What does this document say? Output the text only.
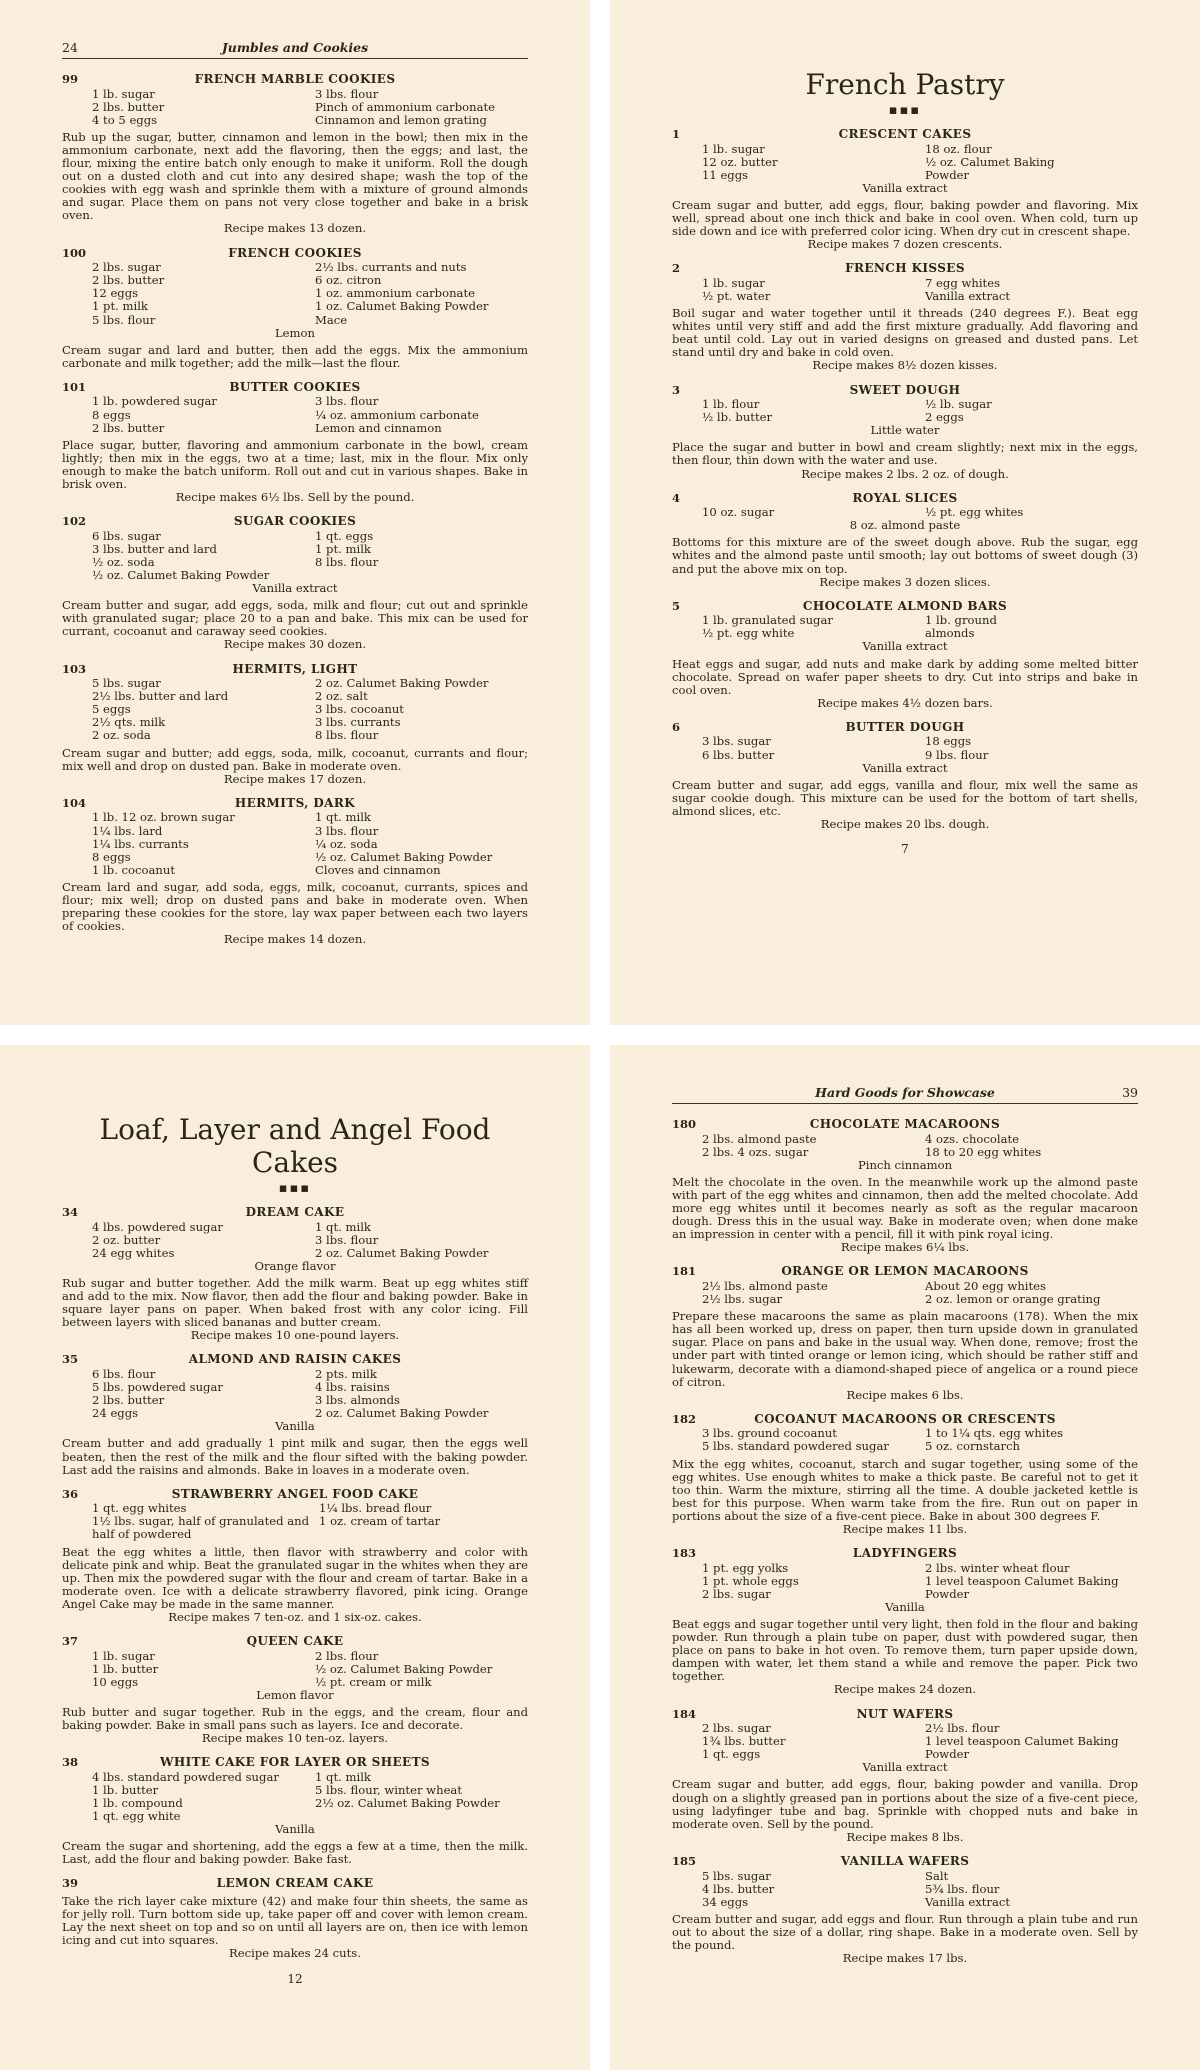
24	Jumbles and Cookies
99	FRENCH MARBLE COOKIES
1 lb. sugar	3 lbs. flour
2 lbs. butter	Pinch of ammonium carbonate
4 to 5 eggs	Cinnamon and lemon grating
Rub up the sugar, butter, cinnamon and lemon in the bowl; then mix in the ammonium carbonate, next add the flavoring, then the eggs; and last, the flour, mixing the entire batch only enough to make it uniform. Roll the dough out on a dusted cloth and cut into any desired shape; wash the top of the cookies with egg wash and sprinkle them with a mixture of ground almonds and sugar. Place them on pans not very close together and bake in a brisk oven.
Recipe makes 13 dozen.
100	FRENCH COOKIES
2 lbs. sugar	2½ lbs. currants and nuts
2 lbs. butter	6 oz. citron
12 eggs	1 oz. ammonium carbonate
1 pt. milk	1 oz. Calumet Baking Powder
5 lbs. flour	Mace
Lemon
Cream sugar and lard and butter, then add the eggs. Mix the ammonium carbonate and milk together; add the milk—last the flour.
101	BUTTER COOKIES
1 lb. powdered sugar	3 lbs. flour
8 eggs	¼ oz. ammonium carbonate
2 lbs. butter	Lemon and cinnamon
Place sugar, butter, flavoring and ammonium carbonate in the bowl, cream lightly; then mix in the eggs, two at a time; last, mix in the flour. Mix only enough to make the batch uniform. Roll out and cut in various shapes. Bake in brisk oven.
Recipe makes 6½ lbs. Sell by the pound.
102	SUGAR COOKIES
6 lbs. sugar	1 qt. eggs
3 lbs. butter and lard	1 pt. milk
½ oz. soda	8 lbs. flour
½ oz. Calumet Baking Powder
Vanilla extract
Cream butter and sugar, add eggs, soda, milk and flour; cut out and sprinkle with granulated sugar; place 20 to a pan and bake. This mix can be used for currant, cocoanut and caraway seed cookies.
Recipe makes 30 dozen.
103	HERMITS, LIGHT
5 lbs. sugar	2 oz. Calumet Baking Powder
2½ lbs. butter and lard	2 oz. salt
5 eggs	3 lbs. cocoanut
2½ qts. milk	3 lbs. currants
2 oz. soda	8 lbs. flour
Cream sugar and butter; add eggs, soda, milk, cocoanut, currants and flour; mix well and drop on dusted pan. Bake in moderate oven.
Recipe makes 17 dozen.
104	HERMITS, DARK
1 lb. 12 oz. brown sugar	1 qt. milk
1¼ lbs. lard	3 lbs. flour
1¼ lbs. currants	¼ oz. soda
8 eggs	½ oz. Calumet Baking Powder
1 lb. cocoanut	Cloves and cinnamon
Cream lard and sugar, add soda, eggs, milk, cocoanut, currants, spices and flour; mix well; drop on dusted pans and bake in moderate oven. When preparing these cookies for the store, lay wax paper between each two layers of cookies.
Recipe makes 14 dozen.
French Pastry
▪▪▪
1	CRESCENT CAKES
1 lb. sugar	18 oz. flour
12 oz. butter	½ oz. Calumet Baking
11 eggs	Powder
Vanilla extract
Cream sugar and butter, add eggs, flour, baking powder and flavoring. Mix well, spread about one inch thick and bake in cool oven. When cold, turn up side down and ice with preferred color icing. When dry cut in crescent shape.
Recipe makes 7 dozen crescents.
2	FRENCH KISSES
1 lb. sugar	7 egg whites
½ pt. water	Vanilla extract
Boil sugar and water together until it threads (240 degrees F.). Beat egg whites until very stiff and add the first mixture gradually. Add flavoring and beat until cold. Lay out in varied designs on greased and dusted pans. Let stand until dry and bake in cold oven.
Recipe makes 8½ dozen kisses.
3	SWEET DOUGH
1 lb. flour	½ lb. sugar
½ lb. butter	2 eggs
Little water
Place the sugar and butter in bowl and cream slightly; next mix in the eggs, then flour, thin down with the water and use.
Recipe makes 2 lbs. 2 oz. of dough.
4	ROYAL SLICES
10 oz. sugar	½ pt. egg whites
8 oz. almond paste
Bottoms for this mixture are of the sweet dough above. Rub the sugar, egg whites and the almond paste until smooth; lay out bottoms of sweet dough (3) and put the above mix on top.
Recipe makes 3 dozen slices.
5	CHOCOLATE ALMOND BARS
1 lb. granulated sugar	1 lb. ground
½ pt. egg white	almonds
Vanilla extract
Heat eggs and sugar, add nuts and make dark by adding some melted bitter chocolate. Spread on wafer paper sheets to dry. Cut into strips and bake in cool oven.
Recipe makes 4½ dozen bars.
6	BUTTER DOUGH
3 lbs. sugar	18 eggs
6 lbs. butter	9 lbs. flour
Vanilla extract
Cream butter and sugar, add eggs, vanilla and flour, mix well the same as sugar cookie dough. This mixture can be used for the bottom of tart shells, almond slices, etc.
Recipe makes 20 lbs. dough.
7
Loaf, Layer and Angel Food Cakes
▪▪▪
34	DREAM CAKE
4 lbs. powdered sugar	1 qt. milk
2 oz. butter	3 lbs. flour
24 egg whites	2 oz. Calumet Baking Powder
Orange flavor
Rub sugar and butter together. Add the milk warm. Beat up egg whites stiff and add to the mix. Now flavor, then add the flour and baking powder. Bake in square layer pans on paper. When baked frost with any color icing. Fill between layers with sliced bananas and butter cream.
Recipe makes 10 one-pound layers.
35	ALMOND AND RAISIN CAKES
6 lbs. flour	2 pts. milk
5 lbs. powdered sugar	4 lbs. raisins
2 lbs. butter	3 lbs. almonds
24 eggs	2 oz. Calumet Baking Powder
Vanilla
Cream butter and add gradually 1 pint milk and sugar, then the eggs well beaten, then the rest of the milk and the flour sifted with the baking powder. Last add the raisins and almonds. Bake in loaves in a moderate oven.
36	STRAWBERRY ANGEL FOOD CAKE
1 qt. egg whites	1¼ lbs. bread flour
1½ lbs. sugar, half of granulated and 1 oz. cream of tartar
half of powdered
Beat the egg whites a little, then flavor with strawberry and color with delicate pink and whip. Beat the granulated sugar in the whites when they are up. Then mix the powdered sugar with the flour and cream of tartar. Bake in a moderate oven. Ice with a delicate strawberry flavored, pink icing. Orange Angel Cake may be made in the same manner.
Recipe makes 7 ten-oz. and 1 six-oz. cakes.
37	QUEEN CAKE
1 lb. sugar	2 lbs. flour
1 lb. butter	½ oz. Calumet Baking Powder
10 eggs	½ pt. cream or milk
Lemon flavor
Rub butter and sugar together. Rub in the eggs, and the cream, flour and baking powder. Bake in small pans such as layers. Ice and decorate.
Recipe makes 10 ten-oz. layers.
38	WHITE CAKE FOR LAYER OR SHEETS
4 lbs. standard powdered sugar	1 qt. milk
1 lb. butter	5 lbs. flour, winter wheat
1 lb. compound	2½ oz. Calumet Baking Powder
1 qt. egg white
Vanilla
Cream the sugar and shortening, add the eggs a few at a time, then the milk. Last, add the flour and baking powder. Bake fast.
39	LEMON CREAM CAKE
Take the rich layer cake mixture (42) and make four thin sheets, the same as for jelly roll. Turn bottom side up, take paper off and cover with lemon cream. Lay the next sheet on top and so on until all layers are on, then ice with lemon icing and cut into squares.
Recipe makes 24 cuts.
12
Hard Goods for Showcase	39
180	CHOCOLATE MACAROONS
2 lbs. almond paste	4 ozs. chocolate
2 lbs. 4 ozs. sugar	18 to 20 egg whites
Pinch cinnamon
Melt the chocolate in the oven. In the meanwhile work up the almond paste with part of the egg whites and cinnamon, then add the melted chocolate. Add more egg whites until it becomes nearly as soft as the regular macaroon dough. Dress this in the usual way. Bake in moderate oven; when done make an impression in center with a pencil, fill it with pink royal icing.
Recipe makes 6¼ lbs.
181	ORANGE OR LEMON MACAROONS
2½ lbs. almond paste	About 20 egg whites
2½ lbs. sugar	2 oz. lemon or orange grating
Prepare these macaroons the same as plain macaroons (178). When the mix has all been worked up, dress on paper, then turn upside down in granulated sugar. Place on pans and bake in the usual way. When done, remove; frost the under part with tinted orange or lemon icing, which should be rather stiff and lukewarm, decorate with a diamond-shaped piece of angelica or a round piece of citron.
Recipe makes 6 lbs.
182	COCOANUT MACAROONS OR CRESCENTS
3 lbs. ground cocoanut	1 to 1¼ qts. egg whites
5 lbs. standard powdered sugar	5 oz. cornstarch
Mix the egg whites, cocoanut, starch and sugar together, using some of the egg whites. Use enough whites to make a thick paste. Be careful not to get it too thin. Warm the mixture, stirring all the time. A double jacketed kettle is best for this purpose. When warm take from the fire. Run out on paper in portions about the size of a five-cent piece. Bake in about 300 degrees F.
Recipe makes 11 lbs.
183	LADYFINGERS
1 pt. egg yolks	2 lbs. winter wheat flour
1 pt. whole eggs	1 level teaspoon Calumet Baking
2 lbs. sugar	Powder
Vanilla
Beat eggs and sugar together until very light, then fold in the flour and baking powder. Run through a plain tube on paper, dust with powdered sugar, then place on pans to bake in hot oven. To remove them, turn paper upside down, dampen with water, let them stand a while and remove the paper. Pick two together.
Recipe makes 24 dozen.
184	NUT WAFERS
2 lbs. sugar	2½ lbs. flour
1¾ lbs. butter	1 level teaspoon Calumet Baking
1 qt. eggs	Powder
Vanilla extract
Cream sugar and butter, add eggs, flour, baking powder and vanilla. Drop dough on a slightly greased pan in portions about the size of a five-cent piece, using ladyfinger tube and bag. Sprinkle with chopped nuts and bake in moderate oven. Sell by the pound.
Recipe makes 8 lbs.
185	VANILLA WAFERS
5 lbs. sugar	Salt
4 lbs. butter	5¾ lbs. flour
34 eggs	Vanilla extract
Cream butter and sugar, add eggs and flour. Run through a plain tube and run out to about the size of a dollar, ring shape. Bake in a moderate oven. Sell by the pound.
Recipe makes 17 lbs.
